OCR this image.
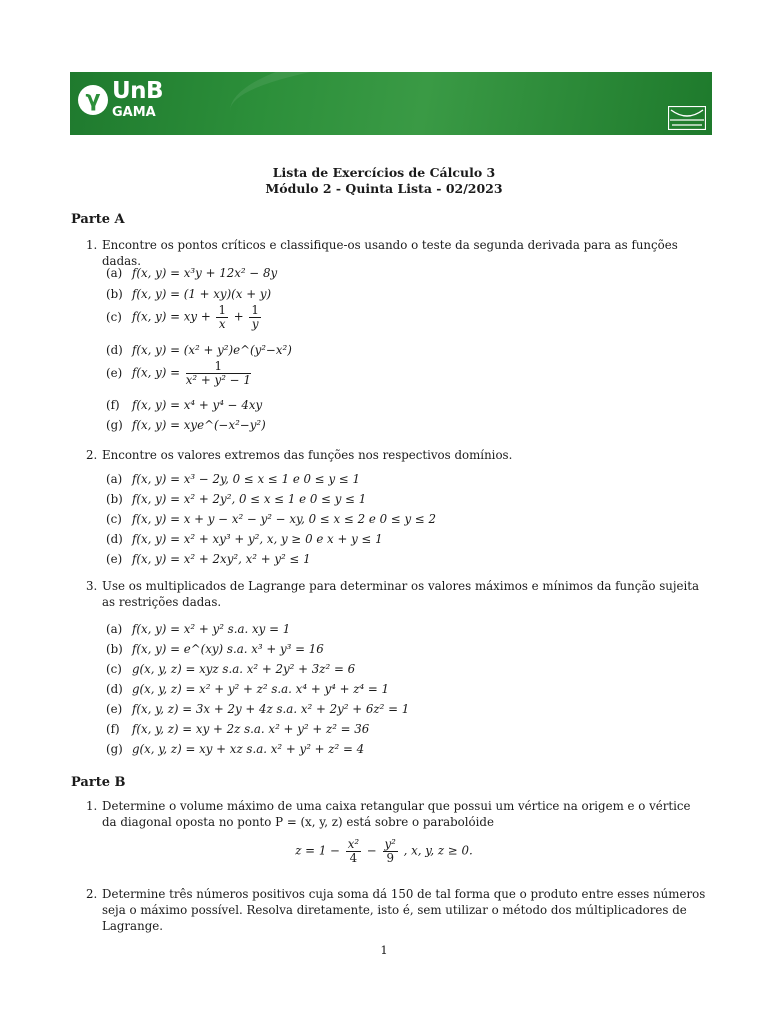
γ UnB
GAMA
Lista de Exercícios de Cálculo 3
Módulo 2 - Quinta Lista - 02/2023
Parte A
1. Encontre os pontos críticos e classifique-os usando o teste da segunda derivada para as funções dadas.
(a) f(x, y) = x³y + 12x² − 8y
(b) f(x, y) = (1 + xy)(x + y)
(c) f(x, y) = xy + $\frac{1}{x} + \frac{1}{y}$
(d) f(x, y) = (x² + y²)e^(y²−x²)
(e) f(x, $y) = \frac{1}{\text{x² + y² − 1}}$
(f) f(x, y) = x⁴ + y⁴ − 4xy
(g) f(x, y) = xye^(−x²−y²)
2. Encontre os valores extremos das funções nos respectivos domínios.
(a) f(x, y) = x³ − 2y, 0 ≤ x ≤ 1 e 0 ≤ y ≤ 1
(b) f(x, y) = x² + 2y², 0 ≤ x ≤ 1 e 0 ≤ y ≤ 1
(c) f(x, y) = x + y − x² − y² − xy, 0 ≤ x ≤ 2 e 0 ≤ y ≤ 2
(d) f(x, y) = x² + xy³ + y², x, y ≥ 0 e x + y ≤ 1
(e) f(x, y) = x² + 2xy², x² + y² ≤ 1
3. Use os multiplicados de Lagrange para determinar os valores máximos e mínimos da função sujeita as restrições dadas.
(a) f(x, y) = x² + y² s.a. xy = 1
(b) f(x, y) = e^(xy) s.a. x³ + y³ = 16
(c) g(x, y, z) = xyz s.a. x² + 2y² + 3z² = 6
(d) g(x, y, z) = x² + y² + z² s.a. x⁴ + y⁴ + z⁴ = 1
(e) f(x, y, z) = 3x + 2y + 4z s.a. x² + 2y² + 6z² = 1
(f) f(x, y, z) = xy + 2z s.a. x² + y² + z² = 36
(g) g(x, y, z) = xy + xz s.a. x² + y² + z² = 4
Parte B
1. Determine o volume máximo de uma caixa retangular que possui um vértice na origem e o vértice da diagonal oposta no ponto P = (x, y, z) está sobre o parabolóide
$z = 1 - \frac{\text{x²}}{4} - \frac{\text{y²}}{9}$ , x, y, z ≥ 0.
2. Determine três números positivos cuja soma dá 150 de tal forma que o produto entre esses números seja o máximo possível. Resolva diretamente, isto é, sem utilizar o método dos múltiplicadores de Lagrange.
1
